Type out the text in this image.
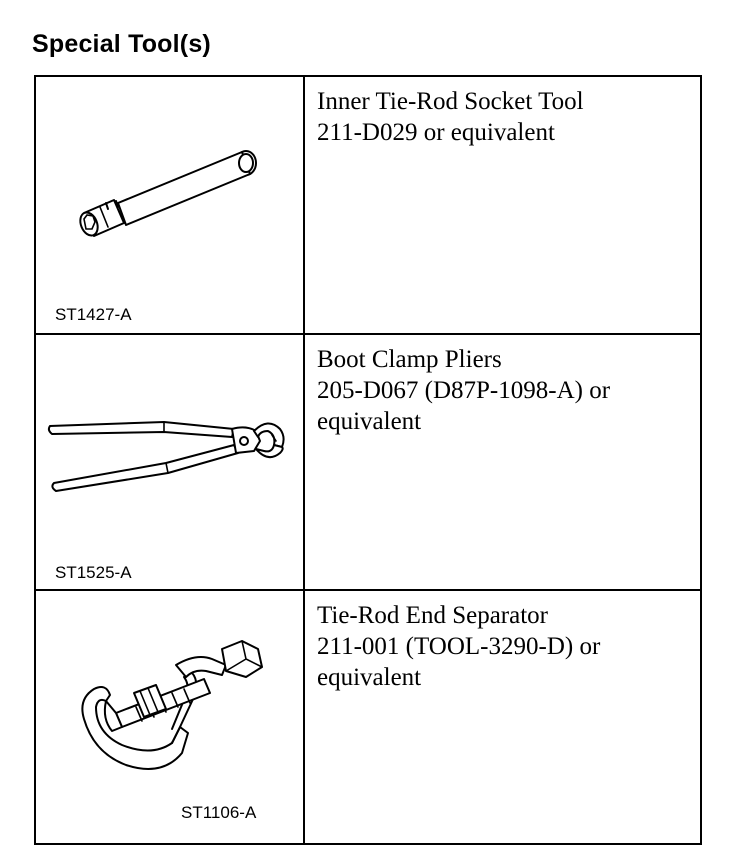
Special Tool(s)
ST1427-A
Inner Tie-Rod Socket Tool
211-D029 or equivalent
ST1525-A
Boot Clamp Pliers
205-D067 (D87P-1098-A) or
equivalent
ST1106-A
Tie-Rod End Separator
211-001 (TOOL-3290-D) or
equivalent
